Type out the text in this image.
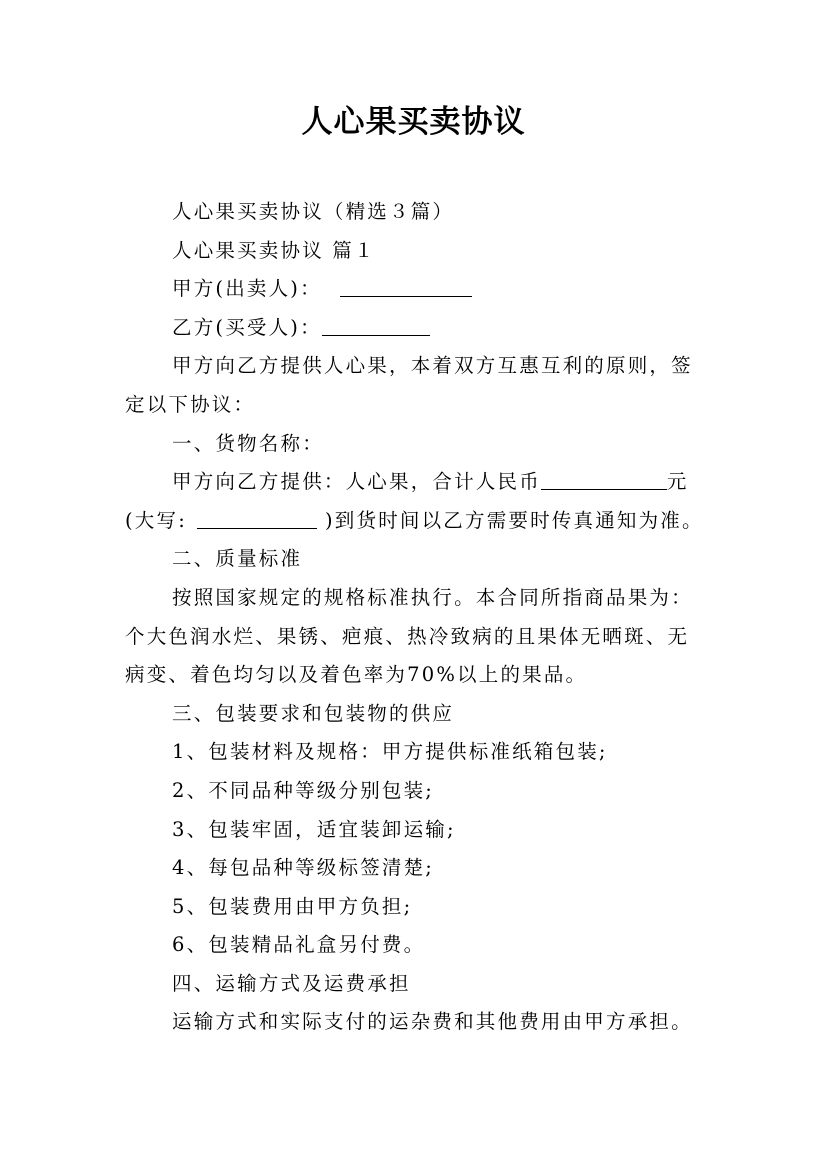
人心果买卖协议

人心果买卖协议（精选３篇）

人心果买卖协议 篇１

甲方(出卖人)：

乙方(买受人)：

甲方向乙方提供人心果，本着双方互惠互利的原则，签

定以下协议：

一、货物名称：

甲方向乙方提供：人心果，合计人民币	元

(大写:	)到货时间以乙方需要时传真通知为准。

二、质量标准

按照国家规定的规格标准执行。本合同所指商品果为：

个大色润水烂、果锈、疤痕、热冷致病的且果体无晒斑、无

病变、着色均匀以及着色率为70%以上的果品。

三、包装要求和包装物的供应

1、包装材料及规格：甲方提供标准纸箱包装;

2、不同品种等级分别包装;

3、包装牢固，适宜装卸运输;

4、每包品种等级标签清楚;

5、包装费用由甲方负担;

6、包装精品礼盒另付费。

四、运输方式及运费承担

运输方式和实际支付的运杂费和其他费用由甲方承担。
